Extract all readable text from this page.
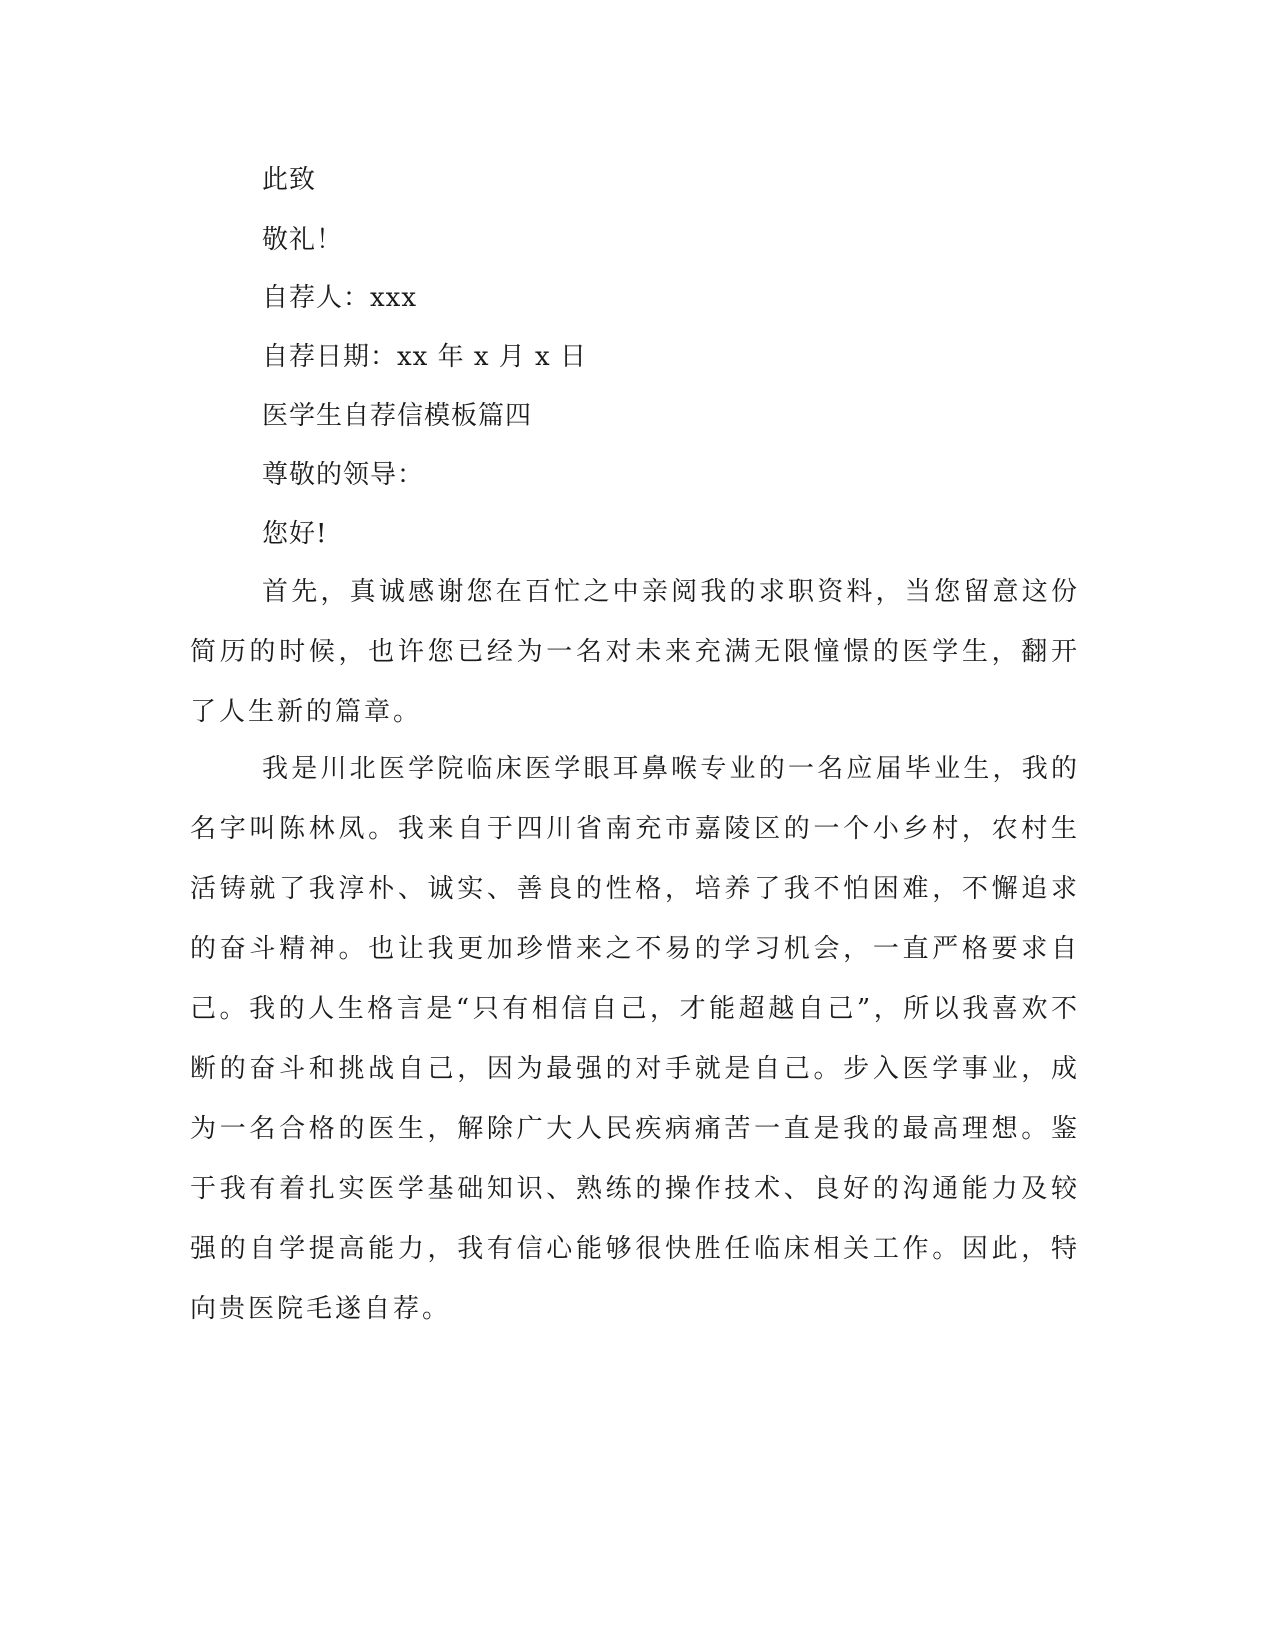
此致
敬礼！
自荐人：xxx
自荐日期：xx 年 x 月 x 日
医学生自荐信模板篇四
尊敬的领导：
您好!
首先，真诚感谢您在百忙之中亲阅我的求职资料，当您留意这份简历的时候，也许您已经为一名对未来充满无限憧憬的医学生，翻开了人生新的篇章。
我是川北医学院临床医学眼耳鼻喉专业的一名应届毕业生，我的名字叫陈林凤。我来自于四川省南充市嘉陵区的一个小乡村，农村生活铸就了我淳朴、诚实、善良的性格，培养了我不怕困难，不懈追求的奋斗精神。也让我更加珍惜来之不易的学习机会，一直严格要求自己。我的人生格言是“只有相信自己，才能超越自己”，所以我喜欢不断的奋斗和挑战自己，因为最强的对手就是自己。步入医学事业，成为一名合格的医生，解除广大人民疾病痛苦一直是我的最高理想。鉴于我有着扎实医学基础知识、熟练的操作技术、良好的沟通能力及较强的自学提高能力，我有信心能够很快胜任临床相关工作。因此，特向贵医院毛遂自荐。
